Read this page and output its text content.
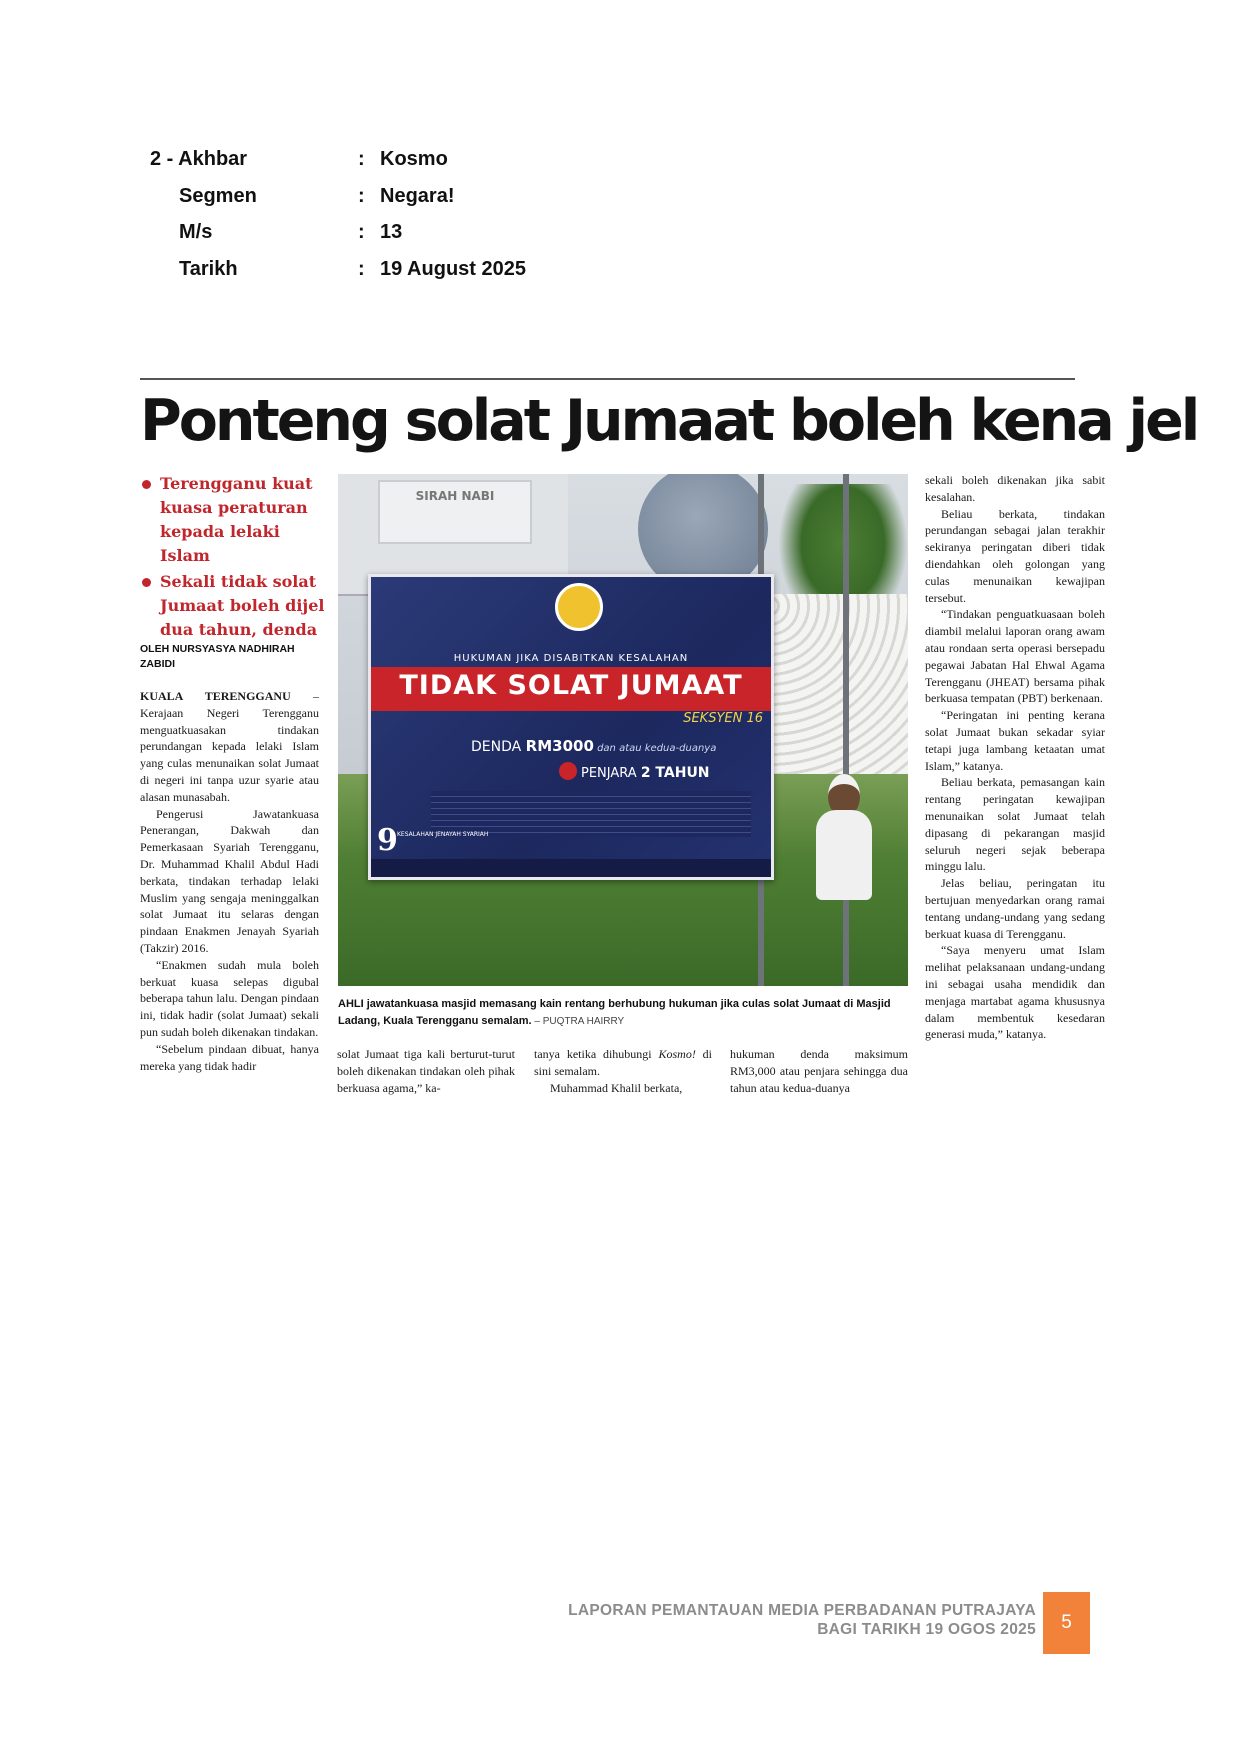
2 - Akhbar	: Kosmo
Segmen	: Negara!
M/s	: 13
Tarikh	: 19 August 2025
Ponteng solat Jumaat boleh kena jel
Terengganu kuat kuasa peraturan kepada lelaki Islam
Sekali tidak solat Jumaat boleh dijel dua tahun, denda
OLEH NURSYASYA NADHIRAH ZABIDI

KUALA TERENGGANU – Kerajaan Negeri Terengganu menguatkuasakan tindakan perundangan kepada lelaki Islam yang culas menunaikan solat Jumaat di negeri ini tanpa uzur syarie atau alasan munasabah.

Pengerusi Jawatankuasa Penerangan, Dakwah dan Pemerkasaan Syariah Terengganu, Dr. Muhammad Khalil Abdul Hadi berkata, tindakan terhadap lelaki Muslim yang sengaja meninggalkan solat Jumaat itu selaras dengan pindaan Enakmen Jenayah Syariah (Takzir) 2016.

“Enakmen sudah mula boleh berkuat kuasa selepas digubal beberapa tahun lalu. Dengan pindaan ini, tidak hadir (solat Jumaat) sekali pun sudah boleh dikenakan tindakan.

“Sebelum pindaan dibuat, hanya mereka yang tidak hadir

SIRAH NABI
HUKUMAN JIKA DISABITKAN KESALAHAN
TIDAK SOLAT JUMAAT
SEKSYEN 16
DENDA RM3000 dan atau kedua-duanya
PENJARA 2 TAHUN
9 KESALAHAN JENAYAH SYARIAH
AHLI jawatankuasa masjid memasang kain rentang berhubung hukuman jika culas solat Jumaat di Masjid Ladang, Kuala Terengganu semalam. – PUQTRA HAIRRY

solat Jumaat tiga kali berturut-turut boleh dikenakan tindakan oleh pihak berkuasa agama,” ka-

tanya ketika dihubungi Kosmo! di sini semalam.

Muhammad Khalil berkata,

hukuman denda maksimum RM3,000 atau penjara sehingga dua tahun atau kedua-duanya

sekali boleh dikenakan jika sabit kesalahan.

Beliau berkata, tindakan perundangan sebagai jalan terakhir sekiranya peringatan diberi tidak diendahkan oleh golongan yang culas menunaikan kewajipan tersebut.

“Tindakan penguatkuasaan boleh diambil melalui laporan orang awam atau rondaan serta operasi bersepadu pegawai Jabatan Hal Ehwal Agama Terengganu (JHEAT) bersama pihak berkuasa tempatan (PBT) berkenaan.

“Peringatan ini penting kerana solat Jumaat bukan sekadar syiar tetapi juga lambang ketaatan umat Islam,” katanya.

Beliau berkata, pemasangan kain rentang peringatan kewajipan menunaikan solat Jumaat telah dipasang di pekarangan masjid seluruh negeri sejak beberapa minggu lalu.

Jelas beliau, peringatan itu bertujuan menyedarkan orang ramai tentang undang-undang yang sedang berkuat kuasa di Terengganu.

“Saya menyeru umat Islam melihat pelaksanaan undang-undang ini sebagai usaha mendidik dan menjaga martabat agama khususnya dalam membentuk kesedaran generasi muda,” katanya.

LAPORAN PEMANTAUAN MEDIA PERBADANAN PUTRAJAYA
BAGI TARIKH 19 OGOS 2025	5
